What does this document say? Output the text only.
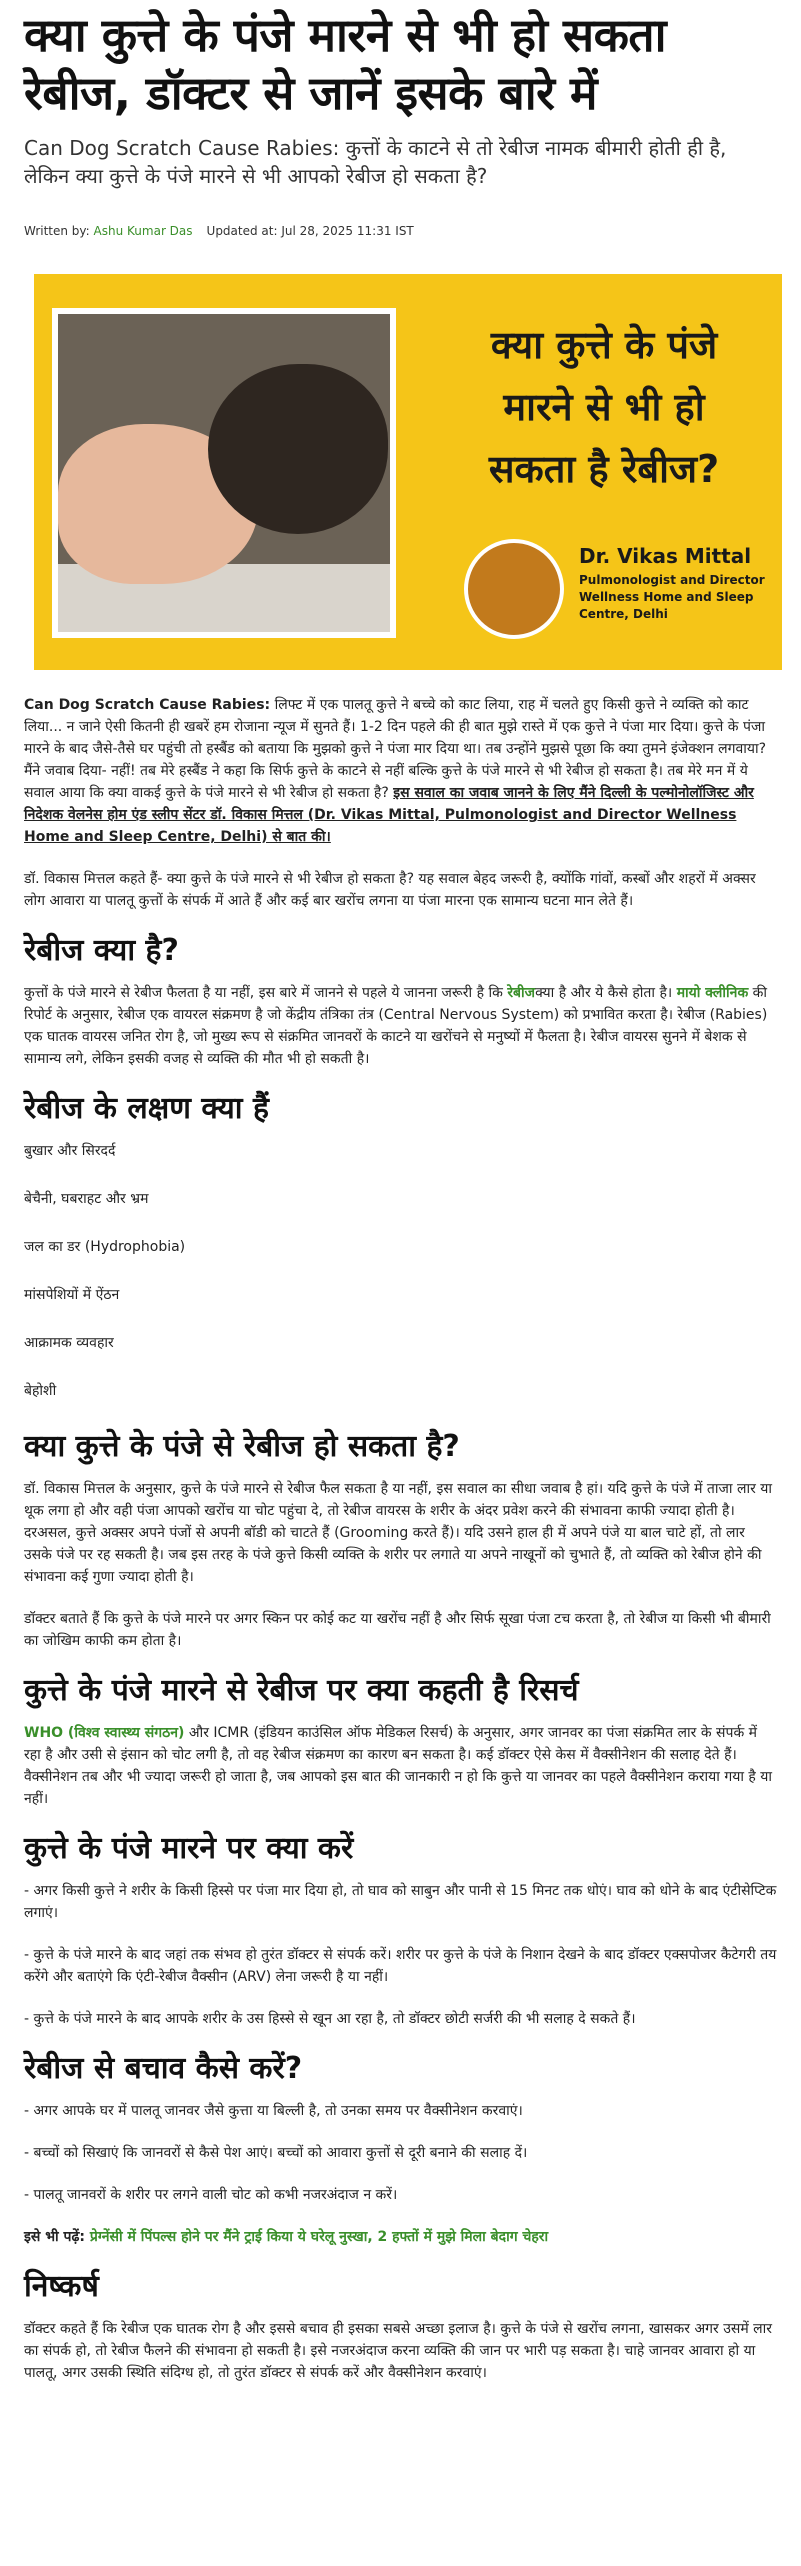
क्या कुत्ते के पंजे मारने से भी हो सकता रेबीज, डॉक्टर से जानें इसके बारे में

Can Dog Scratch Cause Rabies: कुत्तों के काटने से तो रेबीज नामक बीमारी होती ही है, लेकिन क्या कुत्ते के पंजे मारने से भी आपको रेबीज हो सकता है?

Written by: Ashu Kumar Das Updated at: Jul 28, 2025 11:31 IST
क्या कुत्ते के पंजे
मारने से भी हो
सकता है रेबीज?
Dr. Vikas Mittal
Pulmonologist and Director Wellness Home and Sleep Centre, Delhi

Can Dog Scratch Cause Rabies: लिफ्ट में एक पालतू कुत्ते ने बच्चे को काट लिया, राह में चलते हुए किसी कुत्ते ने व्यक्ति को काट लिया... न जाने ऐसी कितनी ही खबरें हम रोजाना न्यूज में सुनते हैं। 1-2 दिन पहले की ही बात मुझे रास्ते में एक कुत्ते ने पंजा मार दिया। कुत्ते के पंजा मारने के बाद जैसे-तैसे घर पहुंची तो हस्बैंड को बताया कि मुझको कुत्ते ने पंजा मार दिया था। तब उन्होंने मुझसे पूछा कि क्या तुमने इंजेक्शन लगवाया? मैंने जवाब दिया- नहीं! तब मेरे हस्बैंड ने कहा कि सिर्फ कुत्ते के काटने से नहीं बल्कि कुत्ते के पंजे मारने से भी रेबीज हो सकता है। तब मेरे मन में ये सवाल आया कि क्या वाकई कुत्ते के पंजे मारने से भी रेबीज हो सकता है? इस सवाल का जवाब जानने के लिए मैंने दिल्ली के पल्मोनोलॉजिस्ट और निदेशक वेलनेस होम एंड स्लीप सेंटर डॉ. विकास मित्तल (Dr. Vikas Mittal, Pulmonologist and Director Wellness Home and Sleep Centre, Delhi) से बात की।

डॉ. विकास मित्तल कहते हैं- क्या कुत्ते के पंजे मारने से भी रेबीज हो सकता है? यह सवाल बेहद जरूरी है, क्योंकि गांवों, कस्बों और शहरों में अक्सर लोग आवारा या पालतू कुत्तों के संपर्क में आते हैं और कई बार खरोंच लगना या पंजा मारना एक सामान्य घटना मान लेते हैं।

रेबीज क्या है?

कुत्तों के पंजे मारने से रेबीज फैलता है या नहीं, इस बारे में जानने से पहले ये जानना जरूरी है कि रेबीजक्या है और ये कैसे होता है। मायो क्लीनिक की रिपोर्ट के अनुसार, रेबीज एक वायरल संक्रमण है जो केंद्रीय तंत्रिका तंत्र (Central Nervous System) को प्रभावित करता है। रेबीज (Rabies) एक घातक वायरस जनित रोग है, जो मुख्य रूप से संक्रमित जानवरों के काटने या खरोंचने से मनुष्यों में फैलता है। रेबीज वायरस सुनने में बेशक से सामान्य लगे, लेकिन इसकी वजह से व्यक्ति की मौत भी हो सकती है।

रेबीज के लक्षण क्या हैं

बुखार और सिरदर्द

बेचैनी, घबराहट और भ्रम

जल का डर (Hydrophobia)

मांसपेशियों में ऐंठन

आक्रामक व्यवहार

बेहोशी

क्या कुत्ते के पंजे से रेबीज हो सकता है?

डॉ. विकास मित्तल के अनुसार, कुत्ते के पंजे मारने से रेबीज फैल सकता है या नहीं, इस सवाल का सीधा जवाब है हां। यदि कुत्ते के पंजे में ताजा लार या थूक लगा हो और वही पंजा आपको खरोंच या चोट पहुंचा दे, तो रेबीज वायरस के शरीर के अंदर प्रवेश करने की संभावना काफी ज्यादा होती है। दरअसल, कुत्ते अक्सर अपने पंजों से अपनी बॉडी को चाटते हैं (Grooming करते हैं)। यदि उसने हाल ही में अपने पंजे या बाल चाटे हों, तो लार उसके पंजे पर रह सकती है। जब इस तरह के पंजे कुत्ते किसी व्यक्ति के शरीर पर लगाते या अपने नाखूनों को चुभाते हैं, तो व्यक्ति को रेबीज होने की संभावना कई गुणा ज्यादा होती है।

डॉक्टर बताते हैं कि कुत्ते के पंजे मारने पर अगर स्किन पर कोई कट या खरोंच नहीं है और सिर्फ सूखा पंजा टच करता है, तो रेबीज या किसी भी बीमारी का जोखिम काफी कम होता है।

कुत्ते के पंजे मारने से रेबीज पर क्या कहती है रिसर्च

WHO (विश्व स्वास्थ्य संगठन) और ICMR (इंडियन काउंसिल ऑफ मेडिकल रिसर्च) के अनुसार, अगर जानवर का पंजा संक्रमित लार के संपर्क में रहा है और उसी से इंसान को चोट लगी है, तो वह रेबीज संक्रमण का कारण बन सकता है। कई डॉक्टर ऐसे केस में वैक्सीनेशन की सलाह देते हैं। वैक्सीनेशन तब और भी ज्यादा जरूरी हो जाता है, जब आपको इस बात की जानकारी न हो कि कुत्ते या जानवर का पहले वैक्सीनेशन कराया गया है या नहीं।

कुत्ते के पंजे मारने पर क्या करें

- अगर किसी कुत्ते ने शरीर के किसी हिस्से पर पंजा मार दिया हो, तो घाव को साबुन और पानी से 15 मिनट तक धोएं। घाव को धोने के बाद एंटीसेप्टिक लगाएं।

- कुत्ते के पंजे मारने के बाद जहां तक संभव हो तुरंत डॉक्टर से संपर्क करें। शरीर पर कुत्ते के पंजे के निशान देखने के बाद डॉक्टर एक्सपोजर कैटेगरी तय करेंगे और बताएंगे कि एंटी-रेबीज वैक्सीन (ARV) लेना जरूरी है या नहीं।

- कुत्ते के पंजे मारने के बाद आपके शरीर के उस हिस्से से खून आ रहा है, तो डॉक्टर छोटी सर्जरी की भी सलाह दे सकते हैं।

रेबीज से बचाव कैसे करें?

- अगर आपके घर में पालतू जानवर जैसे कुत्ता या बिल्ली है, तो उनका समय पर वैक्सीनेशन करवाएं।

- बच्चों को सिखाएं कि जानवरों से कैसे पेश आएं। बच्चों को आवारा कुत्तों से दूरी बनाने की सलाह दें।

- पालतू जानवरों के शरीर पर लगने वाली चोट को कभी नजरअंदाज न करें।

इसे भी पढ़ें: प्रेग्नेंसी में पिंपल्स होने पर मैंने ट्राई किया ये घरेलू नुस्खा, 2 हफ्तों में मुझे मिला बेदाग चेहरा

निष्कर्ष

डॉक्टर कहते हैं कि रेबीज एक घातक रोग है और इससे बचाव ही इसका सबसे अच्छा इलाज है। कुत्ते के पंजे से खरोंच लगना, खासकर अगर उसमें लार का संपर्क हो, तो रेबीज फैलने की संभावना हो सकती है। इसे नजरअंदाज करना व्यक्ति की जान पर भारी पड़ सकता है। चाहे जानवर आवारा हो या पालतू, अगर उसकी स्थिति संदिग्ध हो, तो तुरंत डॉक्टर से संपर्क करें और वैक्सीनेशन करवाएं।
